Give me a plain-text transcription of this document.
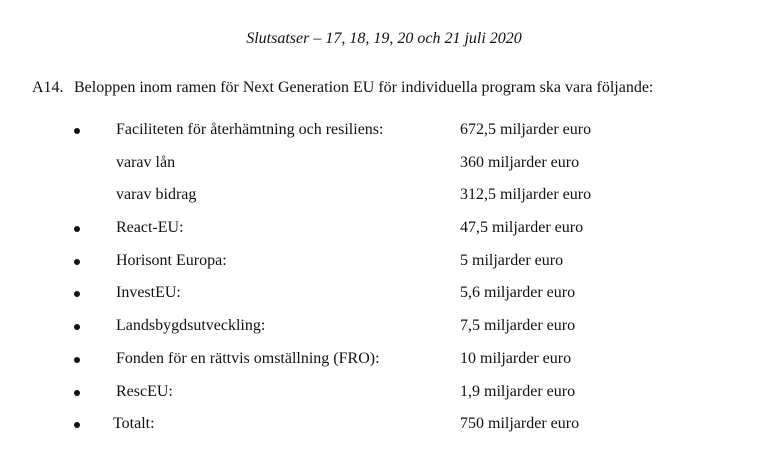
Slutsatser – 17, 18, 19, 20 och 21 juli 2020
A14. Beloppen inom ramen för Next Generation EU för individuella program ska vara följande:
Faciliteten för återhämtning och resiliens:	672,5 miljarder euro
varav lån	360 miljarder euro
varav bidrag	312,5 miljarder euro
React-EU:	47,5 miljarder euro
Horisont Europa:	5 miljarder euro
InvestEU:	5,6 miljarder euro
Landsbygdsutveckling:	7,5 miljarder euro
Fonden för en rättvis omställning (FRO):	10 miljarder euro
RescEU:	1,9 miljarder euro
Totalt:	750 miljarder euro
